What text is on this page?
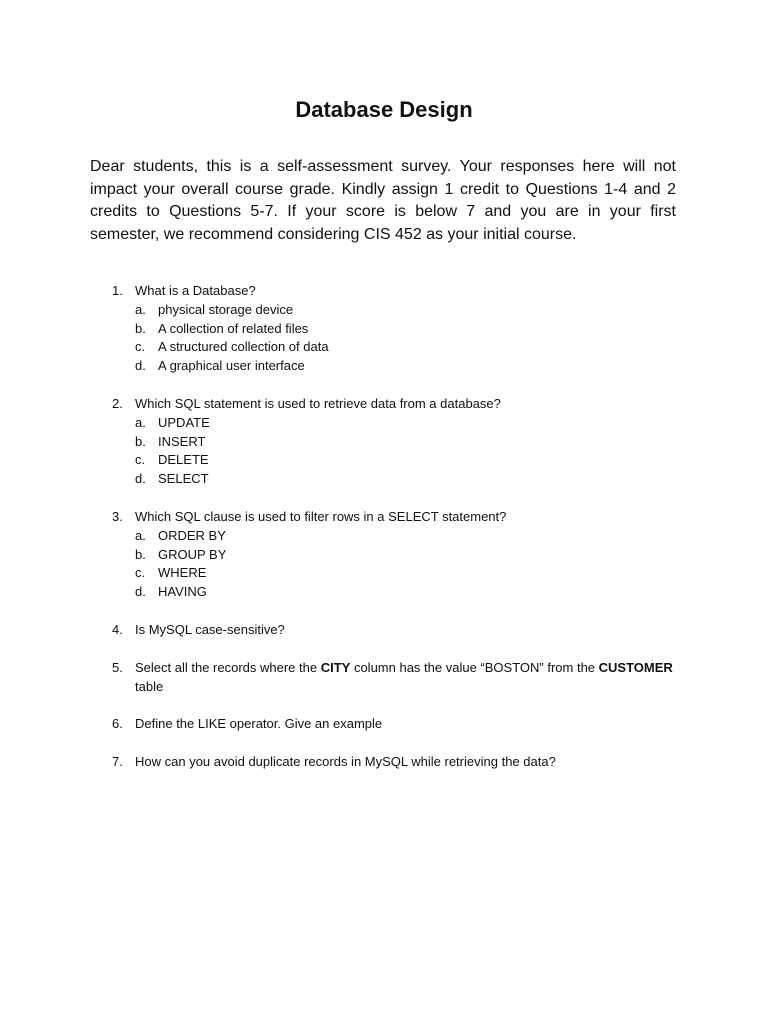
Database Design
Dear students, this is a self-assessment survey. Your responses here will not impact your overall course grade. Kindly assign 1 credit to Questions 1-4 and 2 credits to Questions 5-7. If your score is below 7 and you are in your first semester, we recommend considering CIS 452 as your initial course.
1. What is a Database?
a. physical storage device
b. A collection of related files
c. A structured collection of data
d. A graphical user interface
2. Which SQL statement is used to retrieve data from a database?
a. UPDATE
b. INSERT
c. DELETE
d. SELECT
3. Which SQL clause is used to filter rows in a SELECT statement?
a. ORDER BY
b. GROUP BY
c. WHERE
d. HAVING
4. Is MySQL case-sensitive?
5. Select all the records where the CITY column has the value “BOSTON” from the CUSTOMER table
6. Define the LIKE operator. Give an example
7. How can you avoid duplicate records in MySQL while retrieving the data?
